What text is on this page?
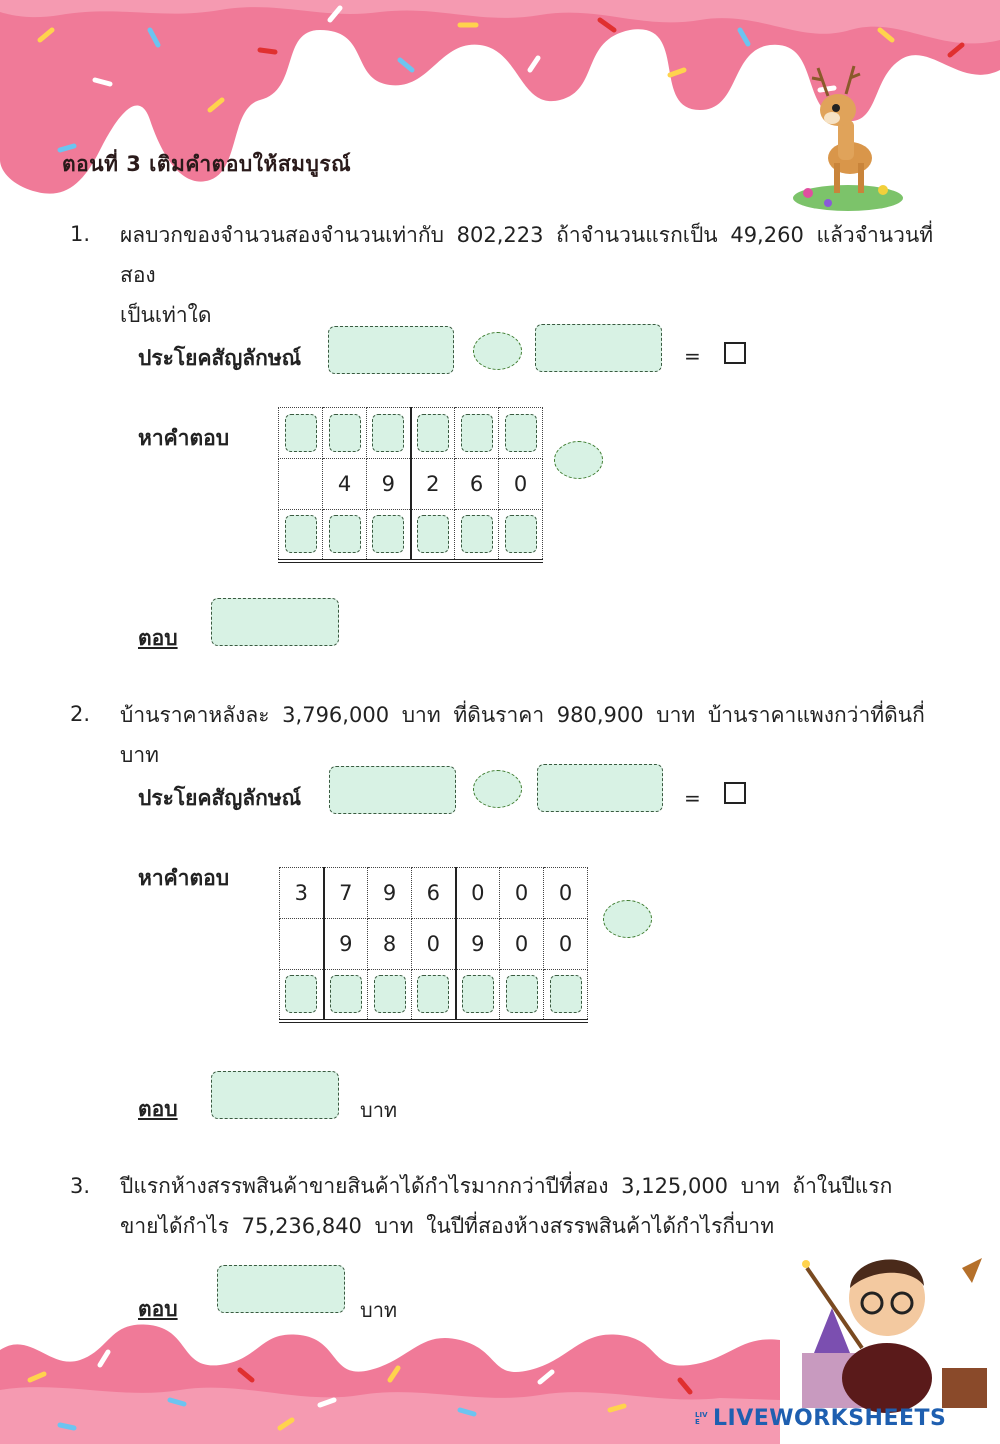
ตอนที่ 3 เติมคำตอบให้สมบูรณ์
1. ผลบวกของจำนวนสองจำนวนเท่ากับ 802,223 ถ้าจำนวนแรกเป็น 49,260 แล้วจำนวนที่สอง
เป็นเท่าใด
ประโยคสัญลักษณ์	=
หาคำตอบ

	4	9	2	6	0

ตอบ
2. บ้านราคาหลังละ 3,796,000 บาท ที่ดินราคา 980,900 บาท บ้านราคาแพงกว่าที่ดินกี่บาท
ประโยคสัญลักษณ์	=
หาคำตอบ
3	7	9	6	0	0	0
	9	8	0	9	0	0

ตอบ	บาท
3. ปีแรกห้างสรรพสินค้าขายสินค้าได้กำไรมากกว่าปีที่สอง 3,125,000 บาท ถ้าในปีแรก
ขายได้กำไร 75,236,840 บาท ในปีที่สองห้างสรรพสินค้าได้กำไรกี่บาท
ตอบ	บาท
LIVE LIVEWORKSHEETS
